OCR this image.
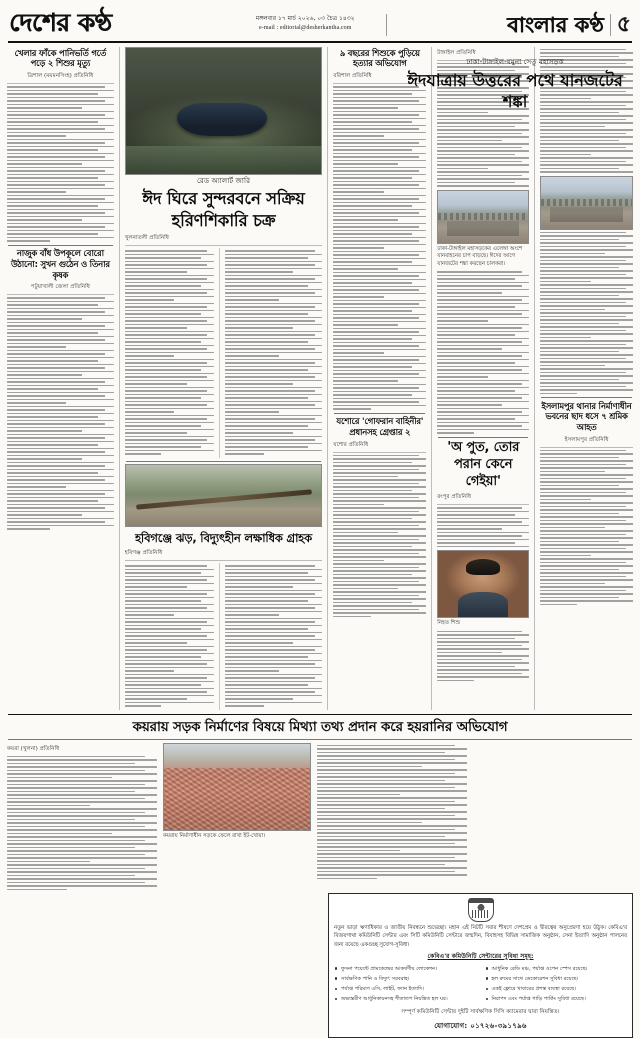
দেশের কণ্ঠ	মঙ্গলবার ১৭ মার্চ ২০২৬, ০৩ চৈত্র ১৪৩২
e-mail : editorial@desherkantha.com	বাংলার কণ্ঠ ৫
খেলার ফাঁকে পানিভর্তি গর্তে পড়ে ২ শিশুর মৃত্যু
ত্রিশাল (ময়মনসিংহ) প্রতিনিধি
নাজুক বাঁধ উপকূলে বোরো উঠানো: সুখন গুঠেন ও তিনার কৃষক
পটুয়াখালী জেলা প্রতিনিধি
রেড অ্যালার্ট জারি
ঈদ ঘিরে সুন্দরবনে সক্রিয় হরিণশিকারি চক্র
খুলনাতলী প্রতিনিধি
হবিগঞ্জে ঝড়, বিদ্যুৎহীন লক্ষাধিক গ্রাহক
হবিগঞ্জ প্রতিনিধি
৯ বছরের শিশুকে পুড়িয়ে হত্যার অভিযোগ
বরিশাল প্রতিনিধি
যশোরে 'গোফরান বাহিনীর' প্রধানসহ গ্রেপ্তার ২
যশোর প্রতিনিধি
টাঙ্গাইল প্রতিনিধি
ঢাকা-টাঙ্গাইল মহাসড়কের এলেঙ্গা অংশে যানবাহনের চাপ বাড়ছে। ঈদের আগে যানজটের শঙ্কা করছেন চালকরা।
'অ পুত, তোর পরান কেনে গেইয়া'
রংপুর প্রতিনিধি
নিহত শিশু
ইসলামপুর থানার নির্মাণাধীন ভবনের ছাদ ধসে ৭ শ্রমিক আহত
ইসলামপুর প্রতিনিধি
ঢাকা-টাঙ্গাইল-যমুনা সেতু মহাসড়ক
ঈদযাত্রায় উত্তরের পথে যানজটের শঙ্কা
কয়রায় সড়ক নির্মাণের বিষয়ে মিথ্যা তথ্য প্রদান করে হয়রানির অভিযোগ
কয়রা (খুলনা) প্রতিনিধি
কয়রায় নির্মাণাধীন সড়কে ফেলে রাখা ইট-খোয়া।
নতুন ভাড়া ঋণাধিকার ও জাতীয় নিবন্ধনে শুভেচ্ছা। মহান এই নিটটি সবার শীষণে দেশপ্রেম ও দ্বীরত্বের অনুপ্রেরণা হয়ে উঠুক। কেবিএ'র বিজয়গাথা কমিউনিটি সেন্টার এবং সিটি কমিউনিটি সেন্টারে জন্মদিন, বিবাহসহ বিভিন্ন সামাজিক অনুষ্ঠান, সেনা ইত্যাদি অনুষ্ঠান পালনের জন্য রয়েছে একগুচ্ছ সুযোগ-সুবিধা।
কেবিএ'র কমিউনিটি সেন্টারের সুবিধা সমূহ:
ফুসনা পয়েন্টে প্রামকেন্দ্রের আকর্ষণীয় লোকেশন।
সার্বক্ষণিক পানি ও বিদ্যুৎ সরবরাহ।
পর্যাপ্ত পরিমাণ এসি, লাইট, ফ্যান ইত্যাদি।
অভ্যন্তরীণ আধুনিকায়নসহ শীতাতপ নিয়ন্ত্রিত হল ঘর।
আধুনিক রেডি মঞ্চ, পর্যাপ্ত ওপেন স্পেস রয়েছে।
হল রুমের সাথে ডেকোরেশন সুবিধা রয়েছে।
একই ফ্লোরে খাবারের প্রশস্ত ব্যবস্থা রয়েছে।
নিরাপদ এবং পর্যাপ্ত গাড়ি পার্কিং সুবিধা রয়েছে।
সম্পূর্ণ কমিউনিটি সেন্টার দুইটি সার্বক্ষণিক সিসি ক্যামেরার দ্বারা নিয়ন্ত্রিত।
যোগাযোগ: ০১৭২৬-৩৯১৭৯৬
